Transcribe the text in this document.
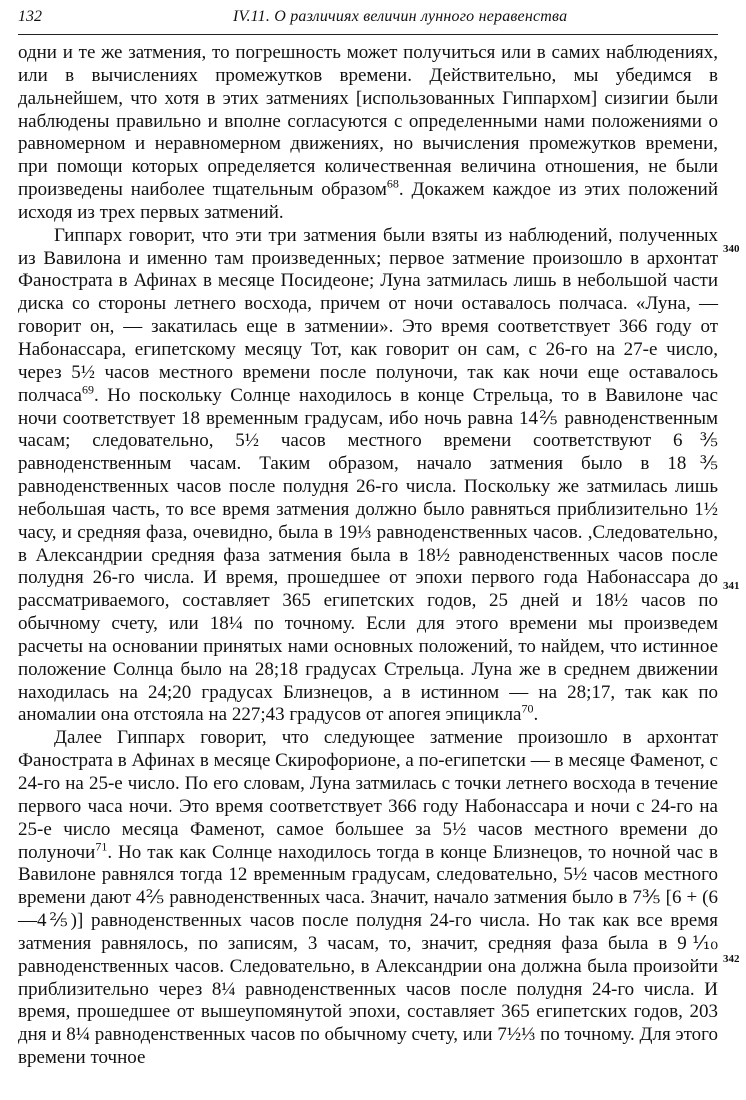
132	IV.11. О различиях величин лунного неравенства

одни и те же затмения, то погрешность может получиться или в самих наблюдениях, или в вычислениях промежутков времени. Действительно, мы убедимся в дальнейшем, что хотя в этих затмениях [использованных Гиппархом] сизигии были наблюдены правильно и вполне согласуются с определенными нами положениями о равномерном и неравномерном движениях, но вычисления промежутков времени, при помощи которых определяется количественная величина отношения, не были произведены наиболее тщательным образом$^{68}$. Докажем каждое из этих положений исходя из трех первых затмений.

Гиппарх говорит, что эти три затмения были взяты из наблюдений, полученных из Вавилона и именно там произведенных; первое затмение произошло в архонтат Фаностратa в Афинах в месяце Посидеоне; Луна затмилась лишь в небольшой части диска со стороны летнего восхода, причем от ночи оставалось полчаса. «Луна, — говорит он, — закатилась еще в затмении». Это время соответствует 366 году от Набонассара, египетскому месяцу Тот, как говорит он сам, с 26-го на 27-е число, через 5½ часов местного времени после полуночи, так как ночи еще оставалось полчаса$^{69}$. Но поскольку Солнце находилось в конце Стрельца, то в Вавилоне час ночи соответствует 18 временным градусам, ибо ночь равна 14⅖ равноденственным часам; следовательно, 5½ часов местного времени соответствуют 6⅗ равноденственным часам. Таким образом, начало затмения было в 18⅗ равноденственных часов после полудня 26-го числа. Поскольку же затмилась лишь небольшая часть, то все время затмения должно было равняться приблизительно 1½ часу, и средняя фаза, очевидно, была в 19⅓ равноденственных часов. ,Следовательно, в Александрии средняя фаза затмения была в 18½ равноденственных часов после полудня 26-го числа. И время, прошедшее от эпохи первого года Набонассара до рассматриваемого, составляет 365 египетских годов, 25 дней и 18½ часов по обычному счету, или 18¼ по точному. Если для этого времени мы произведем расчеты на основании принятых нами основных положений, то найдем, что истинное положение Солнца было на 28;18 градусах Стрельца. Луна же в среднем движении находилась на 24;20 градусах Близнецов, а в истинном — на 28;17, так как по аномалии она отстояла на 227;43 градусов от апогея эпицикла$^{70}$.

Далее Гиппарх говорит, что следующее затмение произошло в архонтат Фанострата в Афинах в месяце Скирофорионе, а по-египетски — в месяце Фаменот, с 24-го на 25-е число. По его словам, Луна затмилась с точки летнего восхода в течение первого часа ночи. Это время соответствует 366 году Набонассара и ночи с 24-го на 25-е число месяца Фаменот, самое большее за 5½ часов местного времени до полуночи$^{71}$. Но так как Солнце находилось тогда в конце Близнецов, то ночной час в Вавилоне равнялся тогда 12 временным градусам, следовательно, 5½ часов местного времени дают 4⅖ равноденственных часа. Значит, начало затмения было в 7⅗ [6 + (6—4⅖)] равноденственных часов после полудня 24-го числа. Но так как все время затмения равнялось, по записям, 3 часам, то, значит, средняя фаза была в 9⅒ равноденственных часов. Следовательно, в Александрии она должна была произойти приблизительно через 8¼ равноденственных часов после полудня 24-го числа. И время, прошедшее от вышеупомянутой эпохи, составляет 365 египетских годов, 203 дня и 8¼ равноденственных часов по обычному счету, или 7½⅓ по точному. Для этого времени точное

340
341
342
